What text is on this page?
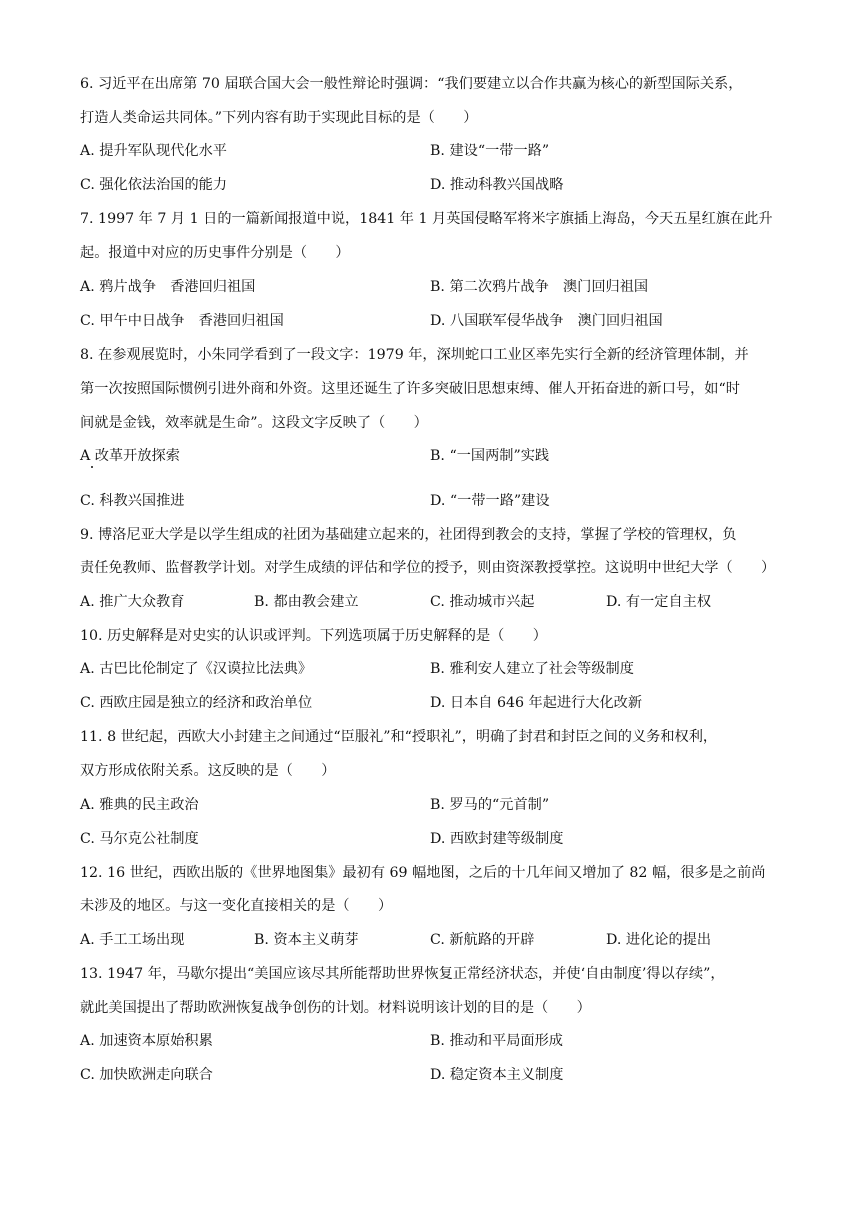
6. 习近平在出席第 70 届联合国大会一般性辩论时强调：“我们要建立以合作共赢为核心的新型国际关系，
打造人类命运共同体。”下列内容有助于实现此目标的是（　　）
A. 提升军队现代化水平	B. 建设“一带一路”
C. 强化依法治国的能力	D. 推动科教兴国战略
7. 1997 年 7 月 1 日的一篇新闻报道中说，1841 年 1 月英国侵略军将米字旗插上海岛，今天五星红旗在此升
起。报道中对应的历史事件分别是（　　）
A. 鸦片战争　香港回归祖国	B. 第二次鸦片战争　澳门回归祖国
C. 甲午中日战争　香港回归祖国	D. 八国联军侵华战争　澳门回归祖国
8. 在参观展览时，小朱同学看到了一段文字：1979 年，深圳蛇口工业区率先实行全新的经济管理体制，并
第一次按照国际惯例引进外商和外资。这里还诞生了许多突破旧思想束缚、催人开拓奋进的新口号，如“时
间就是金钱，效率就是生命”。这段文字反映了（　　）
A 改革开放探索	B. “一国两制”实践
C. 科教兴国推进	D. “一带一路”建设
9. 博洛尼亚大学是以学生组成的社团为基础建立起来的，社团得到教会的支持，掌握了学校的管理权，负
责任免教师、监督教学计划。对学生成绩的评估和学位的授予，则由资深教授掌控。这说明中世纪大学（　　）
A. 推广大众教育	B. 都由教会建立	C. 推动城市兴起	D. 有一定自主权
10. 历史解释是对史实的认识或评判。下列选项属于历史解释的是（　　）
A. 古巴比伦制定了《汉谟拉比法典》	B. 雅利安人建立了社会等级制度
C. 西欧庄园是独立的经济和政治单位	D. 日本自 646 年起进行大化改新
11. 8 世纪起，西欧大小封建主之间通过“臣服礼”和“授职礼”，明确了封君和封臣之间的义务和权利，
双方形成依附关系。这反映的是（　　）
A. 雅典的民主政治	B. 罗马的“元首制”
C. 马尔克公社制度	D. 西欧封建等级制度
12. 16 世纪，西欧出版的《世界地图集》最初有 69 幅地图，之后的十几年间又增加了 82 幅，很多是之前尚
未涉及的地区。与这一变化直接相关的是（　　）
A. 手工工场出现	B. 资本主义萌芽	C. 新航路的开辟	D. 进化论的提出
13. 1947 年，马歇尔提出“美国应该尽其所能帮助世界恢复正常经济状态，并使‘自由制度’得以存续”，
就此美国提出了帮助欧洲恢复战争创伤的计划。材料说明该计划的目的是（　　）
A. 加速资本原始积累	B. 推动和平局面形成
C. 加快欧洲走向联合	D. 稳定资本主义制度
